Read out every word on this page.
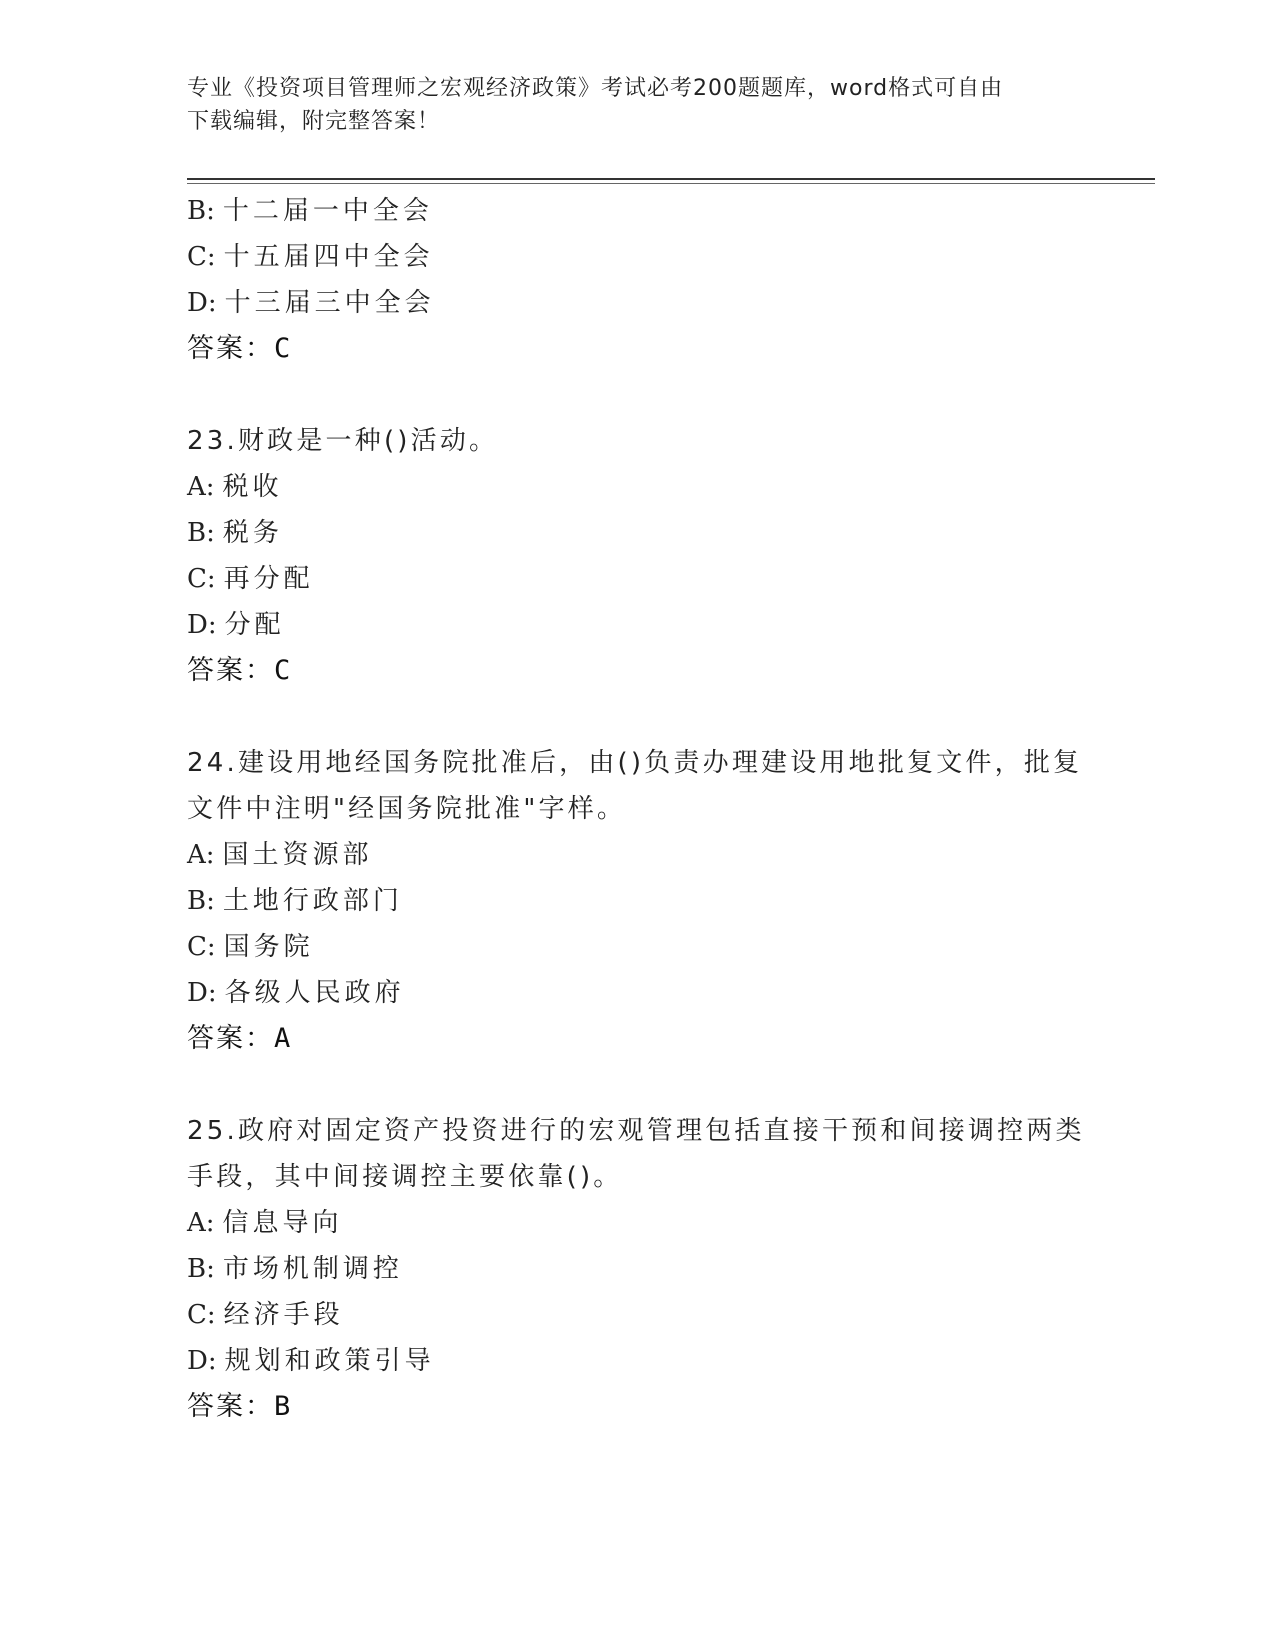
专业《投资项目管理师之宏观经济政策》考试必考200题题库，word格式可自由
下载编辑，附完整答案！
B: 十二届一中全会
C: 十五届四中全会
D: 十三届三中全会
答案：C
23.财政是一种()活动。
A: 税收
B: 税务
C: 再分配
D: 分配
答案：C
24.建设用地经国务院批准后，由()负责办理建设用地批复文件，批复
文件中注明"经国务院批准"字样。
A: 国土资源部
B: 土地行政部门
C: 国务院
D: 各级人民政府
答案：A
25.政府对固定资产投资进行的宏观管理包括直接干预和间接调控两类
手段，其中间接调控主要依靠()。
A: 信息导向
B: 市场机制调控
C: 经济手段
D: 规划和政策引导
答案：B
